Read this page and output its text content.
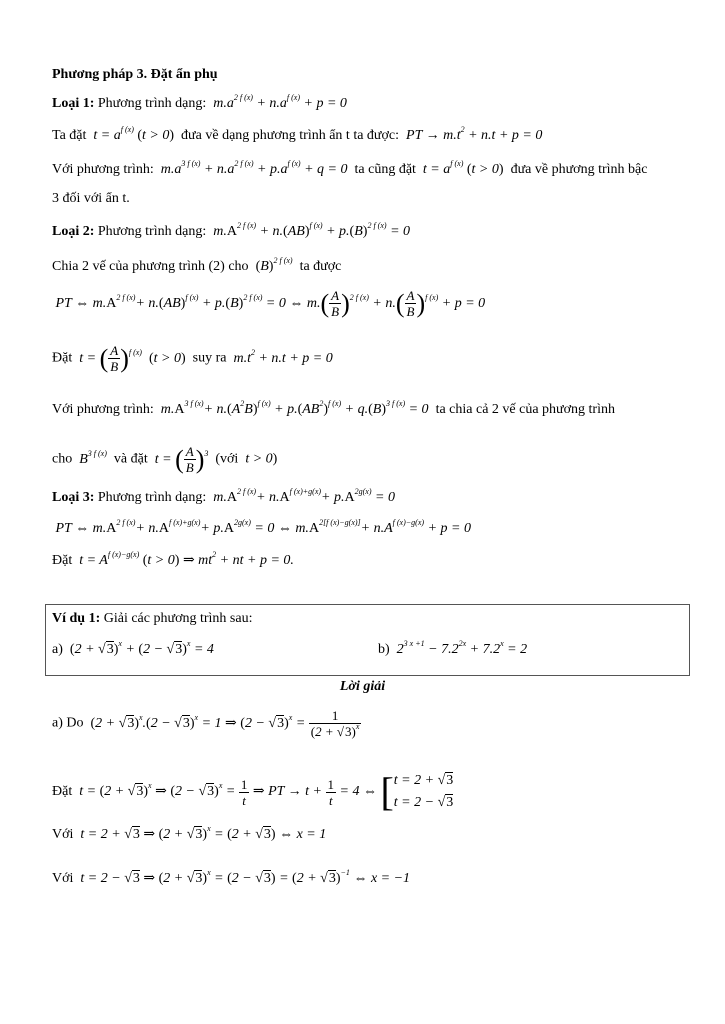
Phương pháp 3. Đặt ẩn phụ
Loại 1: Phương trình dạng:  $m.a^{2 f (x)} + n.a^{f (x)} + p = 0$
Ta đặt  $t = a^{f (x)}$ (t > 0) đưa về dạng phương trình ẩn t ta được:  PT → $m.t^2 + n.t + p = 0$
Với phương trình:  $m.a^{3 f (x)} + n.a^{2 f (x)} + p.a^{f (x)} + q = 0$  ta cũng đặt  $t = a^{f (x)}$ (t > 0) đưa về phương trình bậc
3 đối với ẩn t.
Loại 2: Phương trình dạng:  $m.A^{2 f (x)} + n.(AB)^{f (x)} + p.(B)^{2 f (x)} = 0$
Chia 2 vế của phương trình (2) cho $(B)^{2 f (x)}$ ta được
PT ⇔ $m.A^{2 f (x)}+ n.(AB)^{f (x)} + p.(B)^{2 f (x)} = 0$ ⇔ $m.( \frac{A}{B} )^{2 f (x)} + n.( \frac{A}{B} )^{f (x)} + p = 0$
Đặt  t = ( $\frac{A}{B} )^{f (x)}$ (t > 0) suy ra  $m.t^2 + n.t + p = 0$
Với phương trình:  $m.A^{3 f (x)}+ n.(A^2B)^{f (x)} + p.(AB^2)^{f (x)} + q.(B)^{3 f (x)} = 0$  ta chia cả 2 vế của phương trình
cho  $B^{3 f (x)}$ và đặt  t = ( $\frac{A}{B} )^3$ (với  t > 0)
Loại 3: Phương trình dạng:  $m.A^{2 f (x)}+ n.A^{f (x)+g(x)}+ p.A^{2g(x)} = 0$
PT ⇔ $m.A^{2 f (x)}+ n.A^{f (x)+g(x)}+ p.A^{2g(x)} = 0$ ⇔ $m.A^{2[f (x)-g(x)]}+ n.A^{f (x)-g(x)} + p = 0$
Đặt  $t = A^{f (x)-g(x)}$ (t > 0) ⇒ $mt^2$ + nt + p = 0.
Ví dụ 1: Giải các phương trình sau:
a) $(2 + √3)^x + (2 - √3)^x = 4$	b)  $2^{3 x +1} - 7.2^{2x} + 7.2^x = 2$
Lời giải
a) Do $(2 + √3)^x.(2 - √3)^x = 1$ ⇒ $(2 - √3)^x = \frac{1}{(2 + √3)^x}$
Đặt  $t = (2 + √3)^x$ ⇒ $(2 - √3)^x = \frac{1}{t}$ ⇒ PT → $t + \frac{1}{t} = 4$ ⇔ [t = 2 + √3
t = 2 − √3
Với  t = 2 + √3 ⇒ $(2 + √3)^x = (2 + √3)$ ⇔ x = 1
Với  t = 2 − √3 ⇒ $(2 + √3)^x = (2 - √3) = (2 + √3)^{-1}$ ⇔ x = −1
